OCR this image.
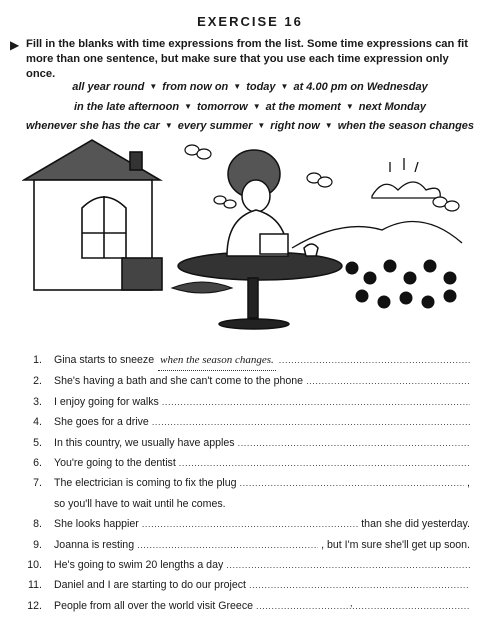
EXERCISE 16
▶ Fill in the blanks with time expressions from the list. Some time expressions can fit more than one sentence, but make sure that you use each time expression only once.
all year round ▼ from now on ▼ today ▼ at 4.00 pm on Wednesday
in the late afternoon ▼ tomorrow ▼ at the moment ▼ next Monday
whenever she has the car ▼ every summer ▼ right now ▼ when the season changes
1. Gina starts to sneeze when the season changes.
.....
2. She's having a bath and she can't come to the phone
.....
3. I enjoy going for walks
.....
4. She goes for a drive
.....
5. In this country, we usually have apples
.....
6. You're going to the dentist
.....
7. The electrician is coming to fix the plug .....	,
so you'll have to wait until he comes.
8. She looks happier .....	than she did yesterday.
9. Joanna is resting .....	, but I'm sure she'll get up soon.
10. He's going to swim 20 lengths a day
.....
11. Daniel and I are starting to do our project
.....
12. People from all over the world visit Greece .....	,
